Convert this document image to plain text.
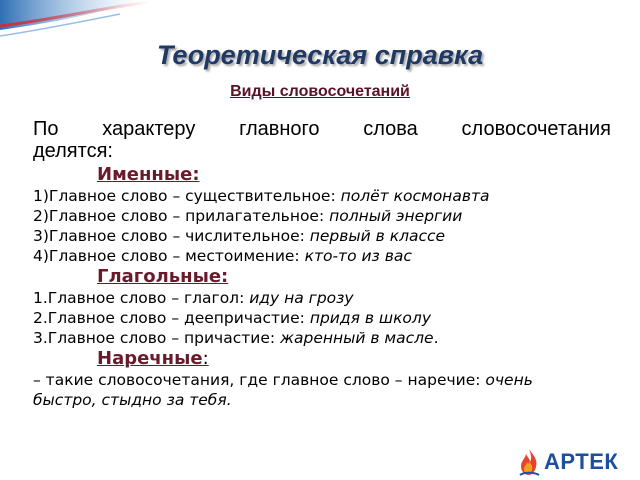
Теоретическая справка
Виды словосочетаний
По характеру главного слова словосочетания
делятся:
Именные:
1)Главное слово – существительное: полёт космонавта
2)Главное слово – прилагательное: полный энергии
3)Главное слово – числительное: первый в классе
4)Главное слово – местоимение: кто-то из вас
Глагольные:
1.Главное слово – глагол: иду на грозу
2.Главное слово – деепричастие: придя в школу
3.Главное слово – причастие: жаренный в масле.
Наречные:
– такие словосочетания, где главное слово – наречие: очень
быстро, стыдно за тебя.
АРТЕК
